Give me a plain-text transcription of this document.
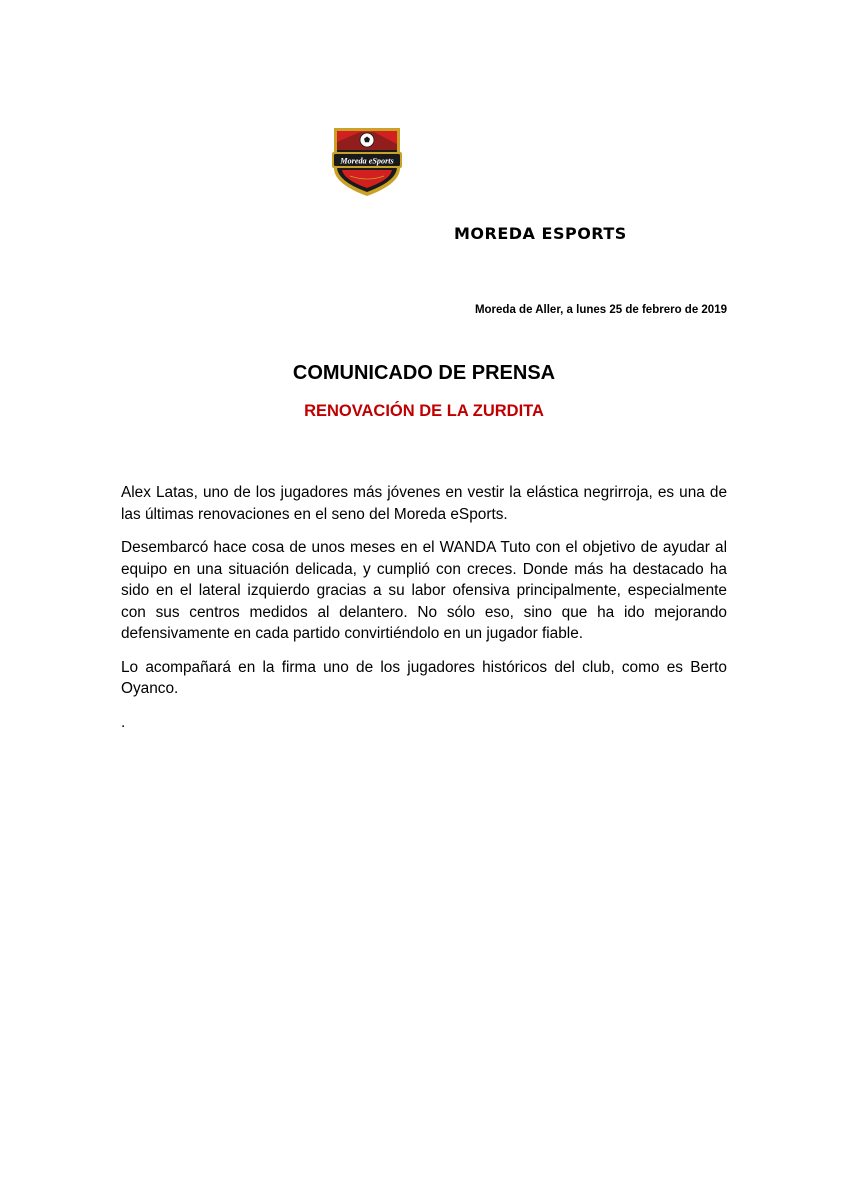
Moreda eSports
MOREDA ESPORTS
Moreda de Aller, a lunes 25 de febrero de 2019
COMUNICADO DE PRENSA
RENOVACIÓN DE LA ZURDITA

Alex Latas, uno de los jugadores más jóvenes en vestir la elástica negrirroja, es una de las últimas renovaciones en el seno del Moreda eSports.

Desembarcó hace cosa de unos meses en el WANDA Tuto con el objetivo de ayudar al equipo en una situación delicada, y cumplió con creces. Donde más ha destacado ha sido en el lateral izquierdo gracias a su labor ofensiva principalmente, especialmente con sus centros medidos al delantero. No sólo eso, sino que ha ido mejorando defensivamente en cada partido convirtiéndolo en un jugador fiable.

Lo acompañará en la firma uno de los jugadores históricos del club, como es Berto Oyanco.

.
